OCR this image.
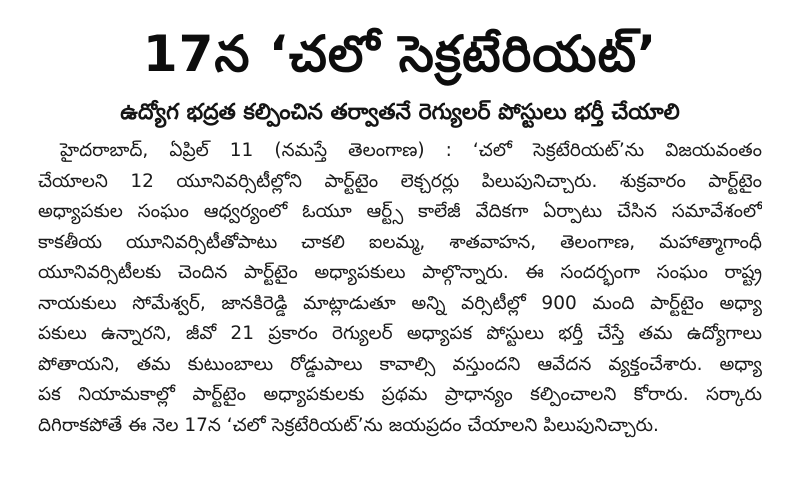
17న ‘చలో సెక్రటేరియట్’
ఉద్యోగ భద్రత కల్పించిన తర్వాతనే రెగ్యులర్ పోస్టులు భర్తీ చేయాలి
హైదరాబాద్, ఏప్రిల్ 11 (నమస్తే తెలంగాణ) : ‘చలో సెక్రటేరియట్’ను విజయవంతం
చేయాలని 12 యూనివర్సిటీల్లోని పార్ట్‌టైం లెక్చరర్లు పిలుపునిచ్చారు. శుక్రవారం పార్ట్‌టైం
అధ్యాపకుల సంఘం ఆధ్వర్యంలో ఓయూ ఆర్ట్స్ కాలేజీ వేదికగా ఏర్పాటు చేసిన సమావేశంలో
కాకతీయ యూనివర్సిటీతోపాటు చాకలి ఐలమ్మ, శాతవాహన, తెలంగాణ, మహాత్మాగాంధీ
యూనివర్సిటీలకు చెందిన పార్ట్‌టైం అధ్యాపకులు పాల్గొన్నారు. ఈ సందర్భంగా సంఘం రాష్ట్ర
నాయకులు సోమేశ్వర్, జానకిరెడ్డి మాట్లాడుతూ అన్ని వర్సిటీల్లో 900 మంది పార్ట్‌టైం అధ్యా
పకులు ఉన్నారని, జీవో 21 ప్రకారం రెగ్యులర్ అధ్యాపక పోస్టులు భర్తీ చేస్తే తమ ఉద్యోగాలు
పోతాయని, తమ కుటుంబాలు రోడ్డుపాలు కావాల్సి వస్తుందని ఆవేదన వ్యక్తంచేశారు. అధ్యా
పక నియామకాల్లో పార్ట్‌టైం అధ్యాపకులకు ప్రథమ ప్రాధాన్యం కల్పించాలని కోరారు. సర్కారు
దిగిరాకపోతే ఈ నెల 17న ‘చలో సెక్రటేరియట్’ను జయప్రదం చేయాలని పిలుపునిచ్చారు.
